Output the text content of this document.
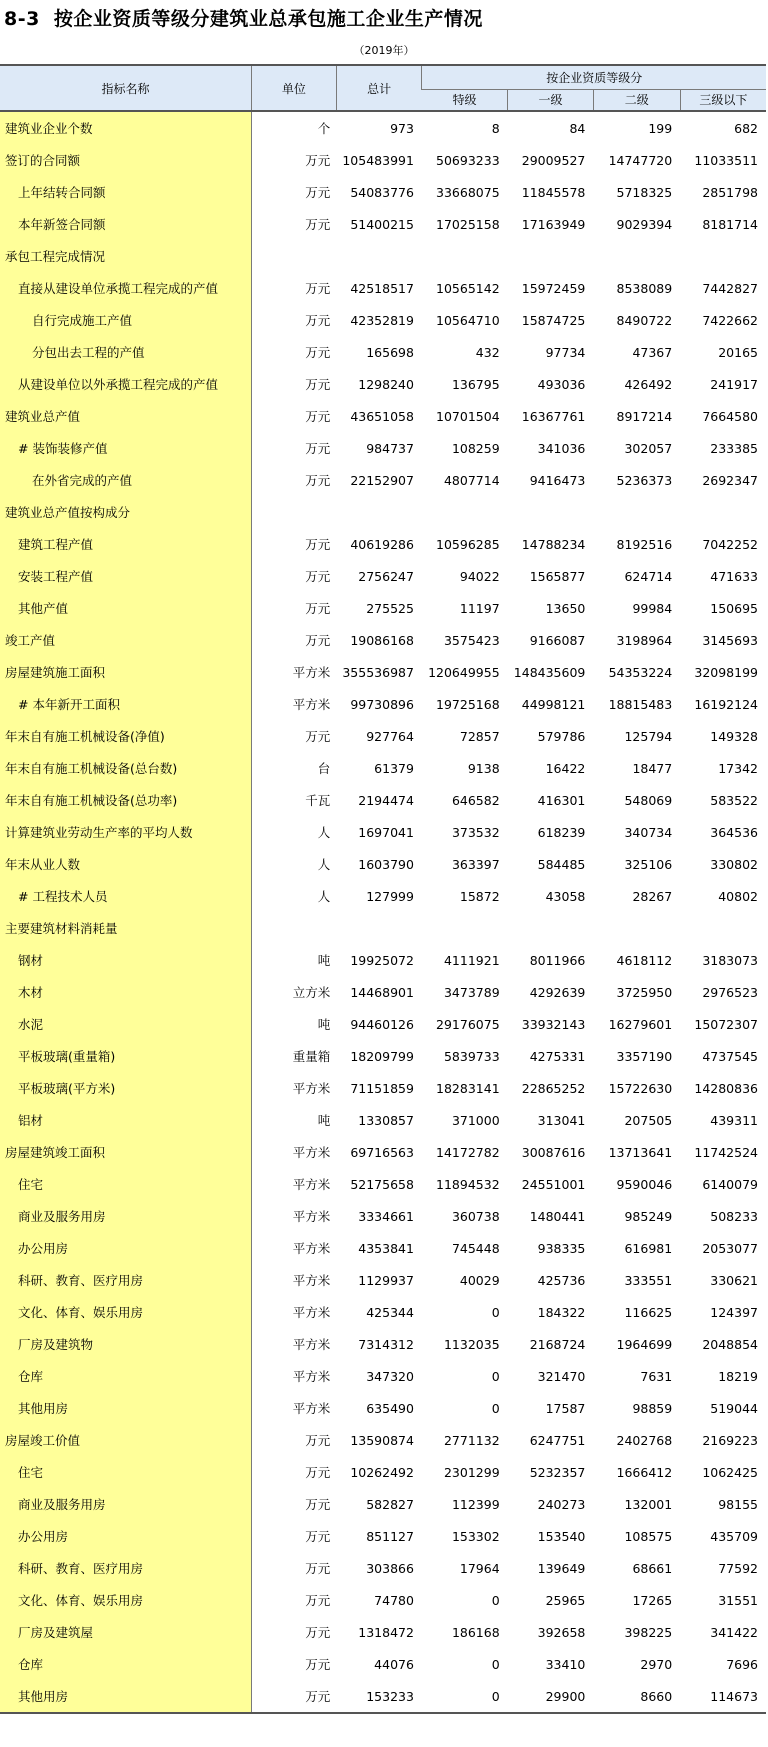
8-3 按企业资质等级分建筑业总承包施工企业生产情况
（2019年）
指标名称	单位	总计	按企业资质等级分			
			特级	一级	二级	三级以下
建筑业企业个数	个	973	8	84	199	682
签订的合同额	万元	105483991	50693233	29009527	14747720	11033511
上年结转合同额	万元	54083776	33668075	11845578	5718325	2851798
本年新签合同额	万元	51400215	17025158	17163949	9029394	8181714
承包工程完成情况						
直接从建设单位承揽工程完成的产值	万元	42518517	10565142	15972459	8538089	7442827
自行完成施工产值	万元	42352819	10564710	15874725	8490722	7422662
分包出去工程的产值	万元	165698	432	97734	47367	20165
从建设单位以外承揽工程完成的产值	万元	1298240	136795	493036	426492	241917
建筑业总产值	万元	43651058	10701504	16367761	8917214	7664580
# 装饰装修产值	万元	984737	108259	341036	302057	233385
在外省完成的产值	万元	22152907	4807714	9416473	5236373	2692347
建筑业总产值按构成分						
建筑工程产值	万元	40619286	10596285	14788234	8192516	7042252
安装工程产值	万元	2756247	94022	1565877	624714	471633
其他产值	万元	275525	11197	13650	99984	150695
竣工产值	万元	19086168	3575423	9166087	3198964	3145693
房屋建筑施工面积	平方米	355536987	120649955	148435609	54353224	32098199
# 本年新开工面积	平方米	99730896	19725168	44998121	18815483	16192124
年末自有施工机械设备(净值)	万元	927764	72857	579786	125794	149328
年末自有施工机械设备(总台数)	台	61379	9138	16422	18477	17342
年末自有施工机械设备(总功率)	千瓦	2194474	646582	416301	548069	583522
计算建筑业劳动生产率的平均人数	人	1697041	373532	618239	340734	364536
年末从业人数	人	1603790	363397	584485	325106	330802
# 工程技术人员	人	127999	15872	43058	28267	40802
主要建筑材料消耗量						
钢材	吨	19925072	4111921	8011966	4618112	3183073
木材	立方米	14468901	3473789	4292639	3725950	2976523
水泥	吨	94460126	29176075	33932143	16279601	15072307
平板玻璃(重量箱)	重量箱	18209799	5839733	4275331	3357190	4737545
平板玻璃(平方米)	平方米	71151859	18283141	22865252	15722630	14280836
铝材	吨	1330857	371000	313041	207505	439311
房屋建筑竣工面积	平方米	69716563	14172782	30087616	13713641	11742524
住宅	平方米	52175658	11894532	24551001	9590046	6140079
商业及服务用房	平方米	3334661	360738	1480441	985249	508233
办公用房	平方米	4353841	745448	938335	616981	2053077
科研、教育、医疗用房	平方米	1129937	40029	425736	333551	330621
文化、体育、娱乐用房	平方米	425344	0	184322	116625	124397
厂房及建筑物	平方米	7314312	1132035	2168724	1964699	2048854
仓库	平方米	347320	0	321470	7631	18219
其他用房	平方米	635490	0	17587	98859	519044
房屋竣工价值	万元	13590874	2771132	6247751	2402768	2169223
住宅	万元	10262492	2301299	5232357	1666412	1062425
商业及服务用房	万元	582827	112399	240273	132001	98155
办公用房	万元	851127	153302	153540	108575	435709
科研、教育、医疗用房	万元	303866	17964	139649	68661	77592
文化、体育、娱乐用房	万元	74780	0	25965	17265	31551
厂房及建筑屋	万元	1318472	186168	392658	398225	341422
仓库	万元	44076	0	33410	2970	7696
其他用房	万元	153233	0	29900	8660	114673
